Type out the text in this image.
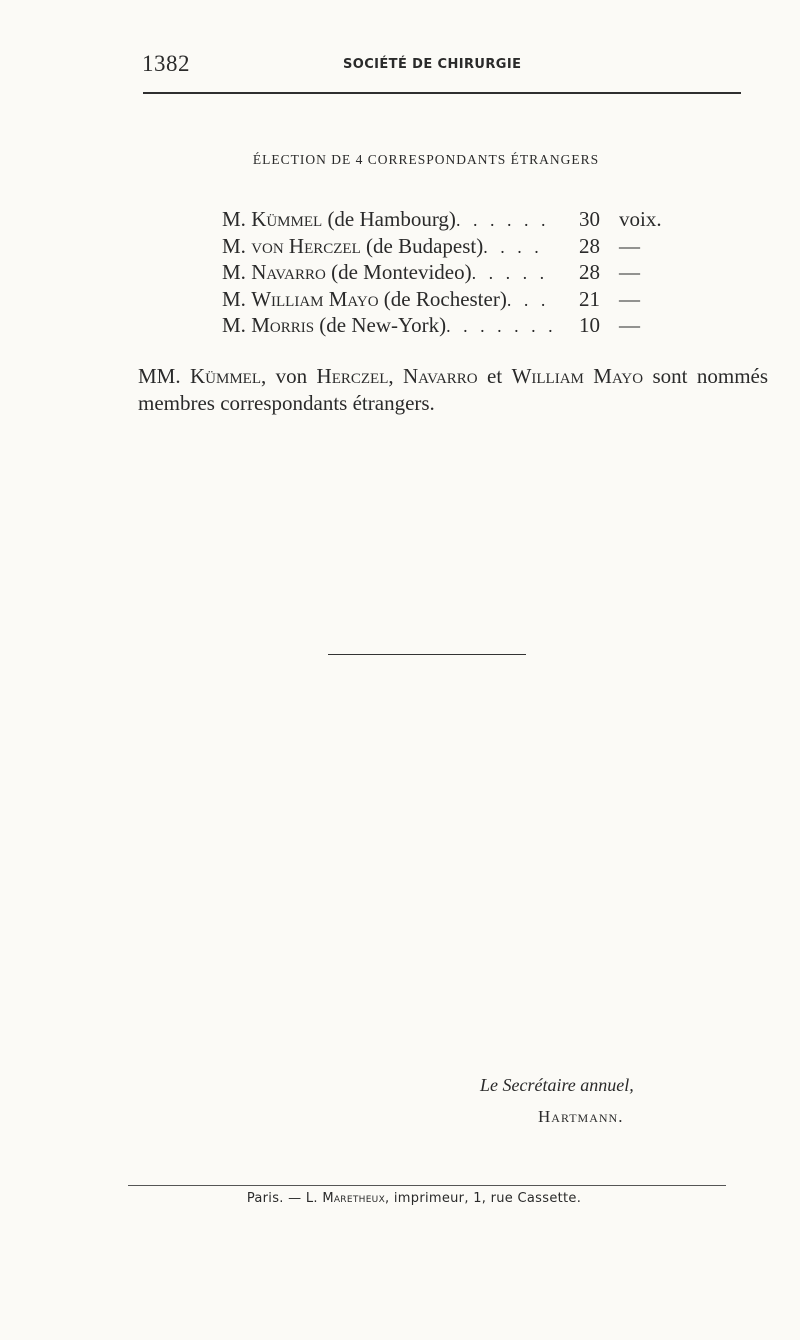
1382	SOCIÉTÉ DE CHIRURGIE
ÉLECTION DE 4 CORRESPONDANTS ÉTRANGERS
M. Kümmel (de Hambourg). . . . . . 30 voix.
M. von Herczel (de Budapest). . . . 28 —
M. Navarro (de Montevideo). . . . . 28 —
M. William Mayo (de Rochester). . . 21 —
M. Morris (de New-York). . . . . . . 10 —
MM. Kümmel, von Herczel, Navarro et William Mayo sont nommés membres correspondants étrangers.
Le Secrétaire annuel,
Hartmann.
Paris. — L. Maretheux, imprimeur, 1, rue Cassette.
